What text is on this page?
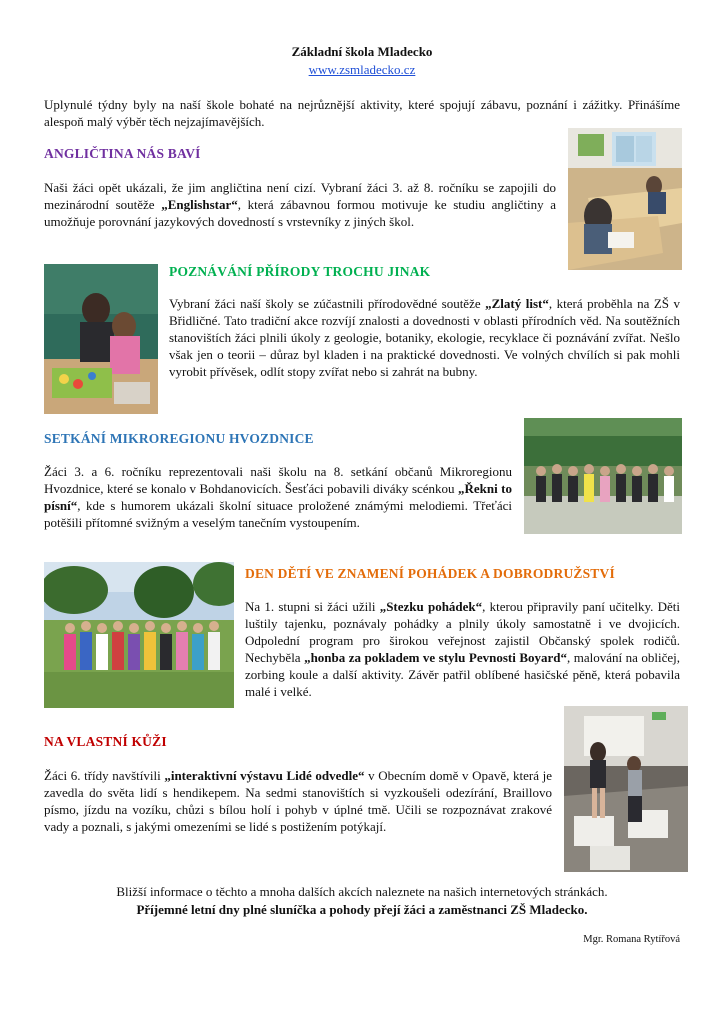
Základní škola Mladecko
www.zsmladecko.cz

Uplynulé týdny byly na naší škole bohaté na nejrůznější aktivity, které spojují zábavu, poznání i zážitky. Přinášíme alespoň malý výběr těch nejzajímavějších.

ANGLIČTINA NÁS BAVÍ

Naši žáci opět ukázali, že jim angličtina není cizí. Vybraní žáci 3. až 8. ročníku se zapojili do mezinárodní soutěže „Englishstar“, která zábavnou formou motivuje ke studiu angličtiny a umožňuje porovnání jazykových dovedností s vrstevníky z jiných škol.

POZNÁVÁNÍ PŘÍRODY TROCHU JINAK

Vybraní žáci naší školy se zúčastnili přírodovědné soutěže „Zlatý list“, která proběhla na ZŠ v Břidličné. Tato tradiční akce rozvíjí znalosti a dovednosti v oblasti přírodních věd. Na soutěžních stanovištích žáci plnili úkoly z geologie, botaniky, ekologie, recyklace či poznávání zvířat. Nešlo však jen o teorii – důraz byl kladen i na praktické dovednosti. Ve volných chvílích si pak mohli vyrobit přívěsek, odlít stopy zvířat nebo si zahrát na bubny.

SETKÁNÍ MIKROREGIONU HVOZDNICE

Žáci 3. a 6. ročníku reprezentovali naši školu na 8. setkání občanů Mikroregionu Hvozdnice, které se konalo v Bohdanovicích. Šesťáci pobavili diváky scénkou „Řekni to písní“, kde s humorem ukázali školní situace proložené známými melodiemi. Třeťáci potěšili přítomné svižným a veselým tanečním vystoupením.

DEN DĚTÍ VE ZNAMENÍ POHÁDEK A DOBRODRUŽSTVÍ

Na 1. stupni si žáci užili „Stezku pohádek“, kterou připravily paní učitelky. Děti luštily tajenku, poznávaly pohádky a plnily úkoly samostatně i ve dvojicích. Odpolední program pro širokou veřejnost zajistil Občanský spolek rodičů. Nechyběla „honba za pokladem ve stylu Pevnosti Boyard“, malování na obličej, zorbing koule a další aktivity. Závěr patřil oblíbené hasičské pěně, která pobavila malé i velké.

NA VLASTNÍ KŮŽI

Žáci 6. třídy navštívili „interaktivní výstavu Lidé odvedle“ v Obecním domě v Opavě, která je zavedla do světa lidí s hendikepem. Na sedmi stanovištích si vyzkoušeli odezírání, Braillovo písmo, jízdu na vozíku, chůzi s bílou holí i pohyb v úplné tmě. Učili se rozpoznávat zrakové vady a poznali, s jakými omezeními se lidé s postižením potýkají.

Bližší informace o těchto a mnoha dalších akcích naleznete na našich internetových stránkách.
Příjemné letní dny plné sluníčka a pohody přejí žáci a zaměstnanci ZŠ Mladecko.
Mgr. Romana Rytířová
